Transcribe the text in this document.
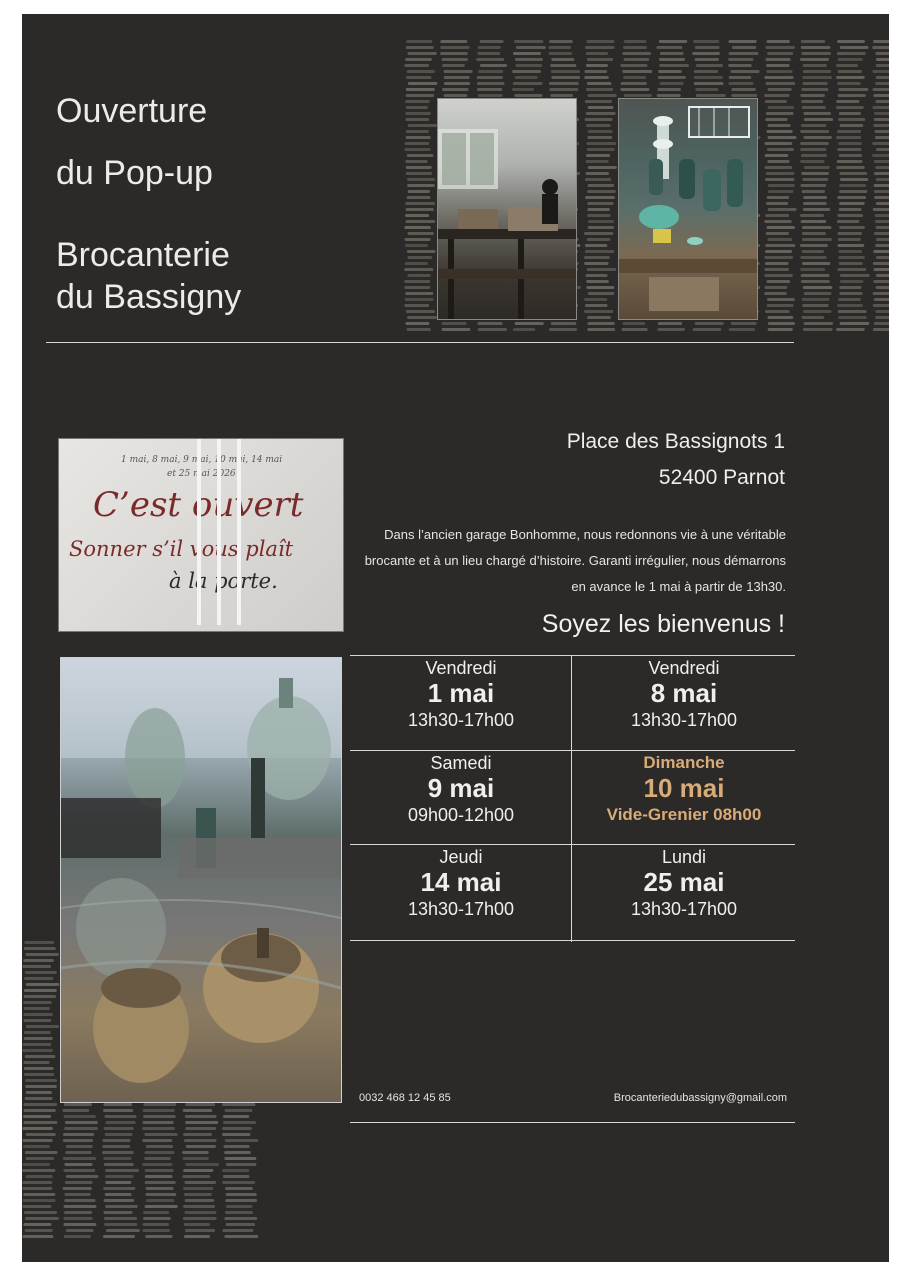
Ouverture
du Pop-up
Brocanterie
du Bassigny
1 mai, 8 mai, 9 mai, 10 mai, 14 mai
et 25 mai 2026
C’est ouvert
Sonner s’il vous plaît
à la porte.
Place des Bassignots 1
52400 Parnot
Dans l’ancien garage Bonhomme, nous redonnons vie à une véritable brocante et à un lieu chargé d’histoire. Garanti irrégulier, nous démarrons en avance le 1 mai à partir de 13h30.
Soyez les bienvenus !
Vendredi
1 mai
13h30-17h00
Vendredi
8 mai
13h30-17h00
Samedi
9 mai
09h00-12h00
Dimanche
10 mai
Vide-Grenier 08h00
Jeudi
14 mai
13h30-17h00
Lundi
25 mai
13h30-17h00
0032 468 12 45 85	Brocanteriedubassigny@gmail.com
